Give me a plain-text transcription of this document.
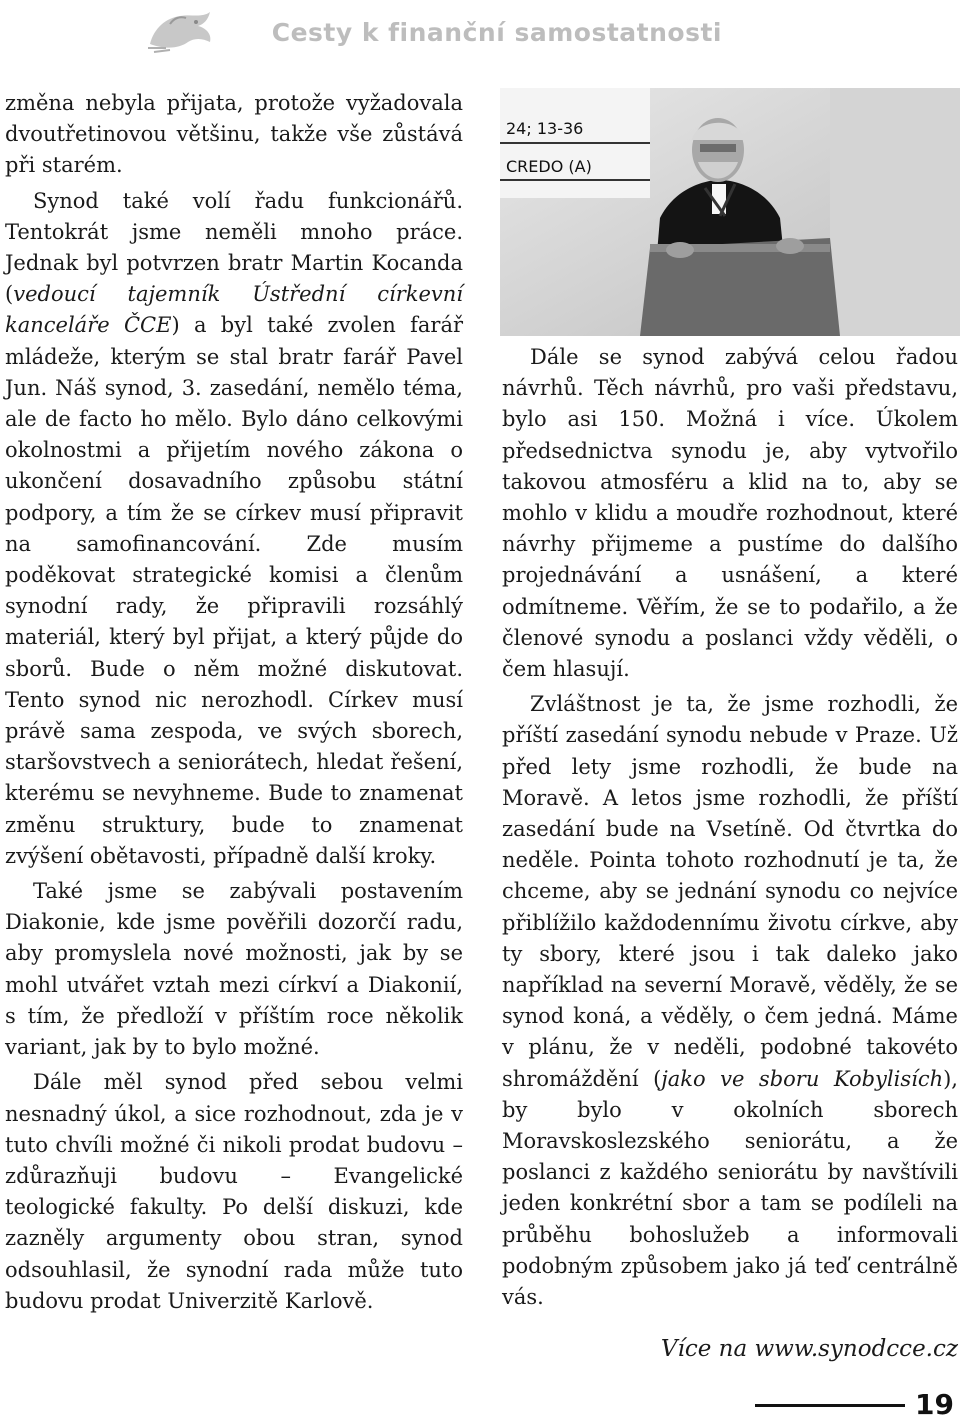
Cesty k finanční samostatnosti

změna nebyla přijata, protože vyžadovala dvoutřetinovou většinu, takže vše zůstává při starém.

Synod také volí řadu funkcionářů. Tentokrát jsme neměli mnoho práce. Jednak byl potvrzen bratr Martin Kocanda (vedoucí tajemník Ústřední církevní kanceláře ČCE) a byl také zvolen farář mládeže, kterým se stal bratr farář Pavel Jun. Náš synod, 3. zasedání, nemělo téma, ale de facto ho mělo. Bylo dáno celkovými okolnostmi a přijetím nového zákona o ukončení dosavadního způsobu státní podpory, a tím že se církev musí připravit na samofinancování. Zde musím poděkovat strategické komisi a členům synodní rady, že připravili rozsáhlý materiál, který byl přijat, a který půjde do sborů. Bude o něm možné diskutovat. Tento synod nic nerozhodl. Církev musí právě sama zespoda, ve svých sborech, staršovstvech a seniorátech, hledat řešení, kterému se nevyhneme. Bude to znamenat změnu struktury, bude to znamenat zvýšení obětavosti, případně další kroky.

Také jsme se zabývali postavením Diakonie, kde jsme pověřili dozorčí radu, aby promyslela nové možnosti, jak by se mohl utvářet vztah mezi církví a Diakonií, s tím, že předloží v příštím roce několik variant, jak by to bylo možné.

Dále měl synod před sebou velmi nesnadný úkol, a sice rozhodnout, zda je v tuto chvíli možné či nikoli prodat budovu – zdůrazňuji budovu – Evangelické teologické fakulty. Po delší diskuzi, kde zazněly argumenty obou stran, synod odsouhlasil, že synodní rada může tuto budovu prodat Univerzitě Karlově.

24; 13-36
CREDO (A)

Dále se synod zabývá celou řadou návrhů. Těch návrhů, pro vaši představu, bylo asi 150. Možná i více. Úkolem předsednictva synodu je, aby vytvořilo takovou atmosféru a klid na to, aby se mohlo v klidu a moudře rozhodnout, které návrhy přijmeme a pustíme do dalšího projednávání a usnášení, a které odmítneme. Věřím, že se to podařilo, a že členové synodu a poslanci vždy věděli, o čem hlasují.

Zvláštnost je ta, že jsme rozhodli, že příští zasedání synodu nebude v Praze. Už před lety jsme rozhodli, že bude na Moravě. A letos jsme rozhodli, že příští zasedání bude na Vsetíně. Od čtvrtka do neděle. Pointa tohoto rozhodnutí je ta, že chceme, aby se jednání synodu co nejvíce přiblížilo každodennímu životu církve, aby ty sbory, které jsou i tak daleko jako například na severní Moravě, věděly, že se synod koná, a věděly, o čem jedná. Máme v plánu, že v neděli, podobné takovéto shromáždění (jako ve sboru Kobylisích), by bylo v okolních sborech Moravskoslezského seniorátu, a že poslanci z každého seniorátu by navštívili jeden konkrétní sbor a tam se podíleli na průběhu bohoslužeb a informovali podobným způsobem jako já teď centrálně vás.

Více na www.synodcce.cz
19
